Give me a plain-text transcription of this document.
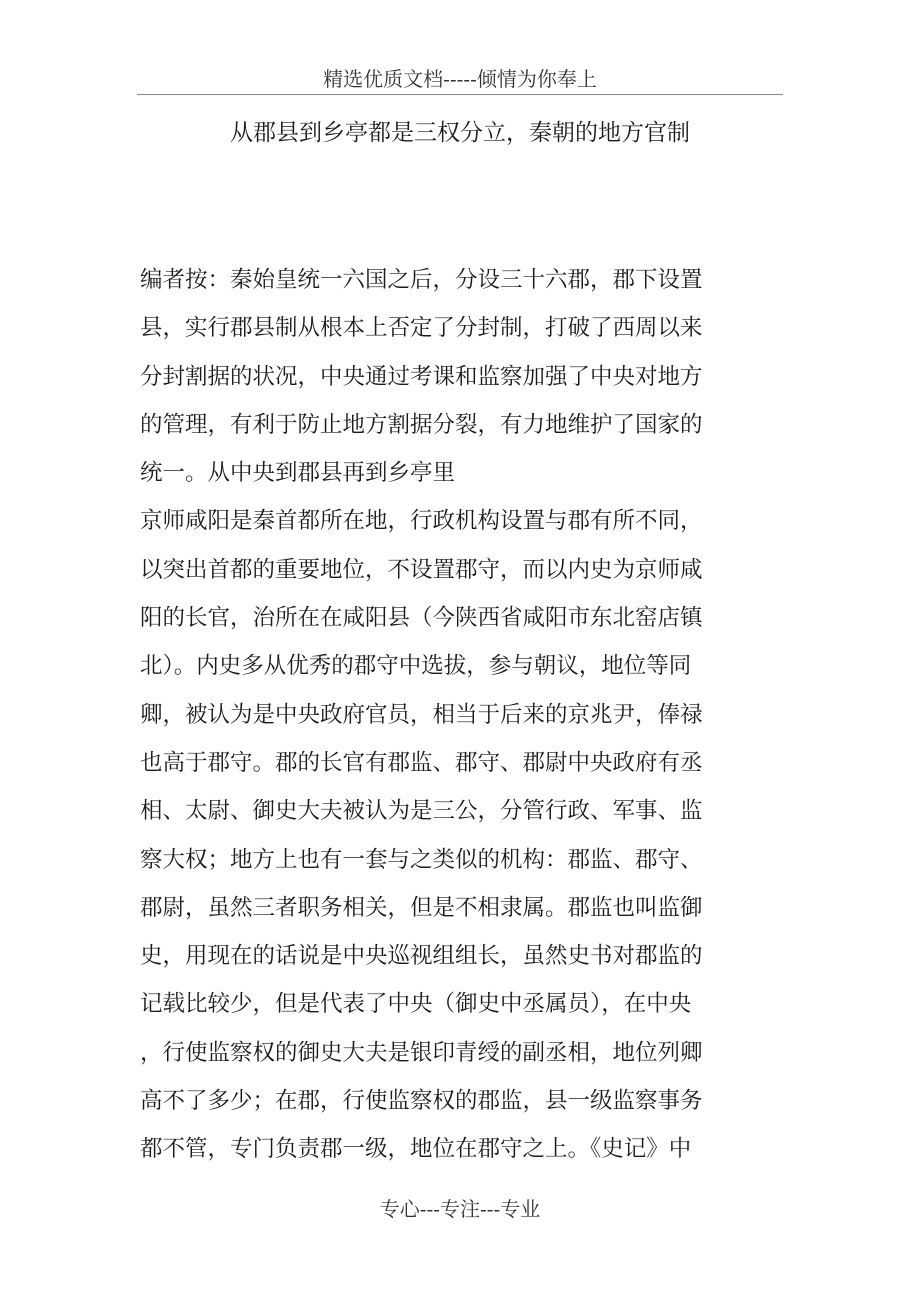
精选优质文档-----倾情为你奉上
从郡县到乡亭都是三权分立，秦朝的地方官制
编者按：秦始皇统一六国之后，分设三十六郡，郡下设置
县，实行郡县制从根本上否定了分封制，打破了西周以来
分封割据的状况，中央通过考课和监察加强了中央对地方
的管理，有利于防止地方割据分裂，有力地维护了国家的
统一。从中央到郡县再到乡亭里
京师咸阳是秦首都所在地，行政机构设置与郡有所不同，
以突出首都的重要地位，不设置郡守，而以内史为京师咸
阳的长官，治所在在咸阳县（今陕西省咸阳市东北窑店镇
北）。内史多从优秀的郡守中选拔，参与朝议，地位等同
卿，被认为是中央政府官员，相当于后来的京兆尹，俸禄
也高于郡守。郡的长官有郡监、郡守、郡尉中央政府有丞
相、太尉、御史大夫被认为是三公，分管行政、军事、监
察大权；地方上也有一套与之类似的机构：郡监、郡守、
郡尉，虽然三者职务相关，但是不相隶属。郡监也叫监御
史，用现在的话说是中央巡视组组长，虽然史书对郡监的
记载比较少，但是代表了中央（御史中丞属员），在中央
，行使监察权的御史大夫是银印青绶的副丞相，地位列卿
高不了多少；在郡，行使监察权的郡监，县一级监察事务
都不管，专门负责郡一级，地位在郡守之上。《史记》中
专心---专注---专业
